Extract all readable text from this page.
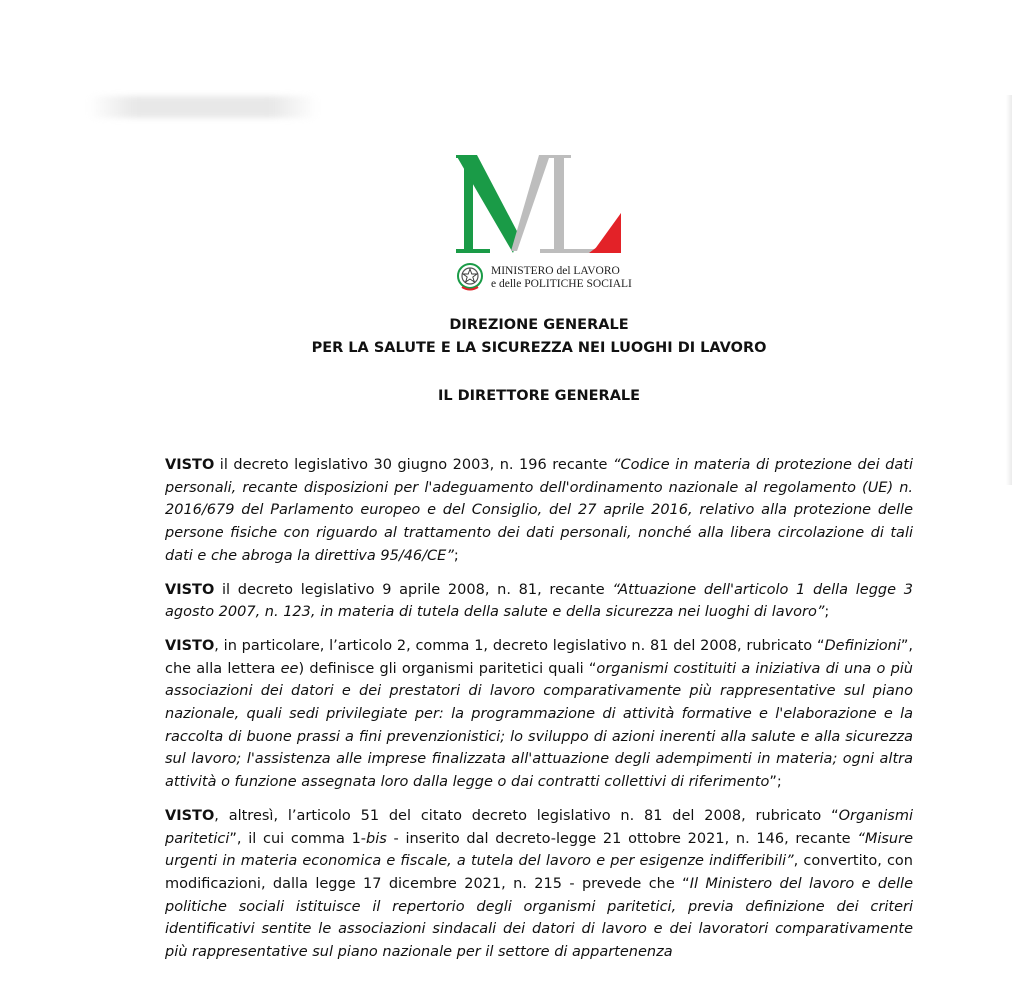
MINISTERO del LAVORO
e delle POLITICHE SOCIALI
DIREZIONE GENERALE
PER LA SALUTE E LA SICUREZZA NEI LUOGHI DI LAVORO
IL DIRETTORE GENERALE

VISTO il decreto legislativo 30 giugno 2003, n. 196 recante “Codice in materia di protezione dei dati personali, recante disposizioni per l'adeguamento dell'ordinamento nazionale al regolamento (UE) n. 2016/679 del Parlamento europeo e del Consiglio, del 27 aprile 2016, relativo alla protezione delle persone fisiche con riguardo al trattamento dei dati personali, nonché alla libera circolazione di tali dati e che abroga la direttiva 95/46/CE”;

VISTO il decreto legislativo 9 aprile 2008, n. 81, recante “Attuazione dell'articolo 1 della legge 3 agosto 2007, n. 123, in materia di tutela della salute e della sicurezza nei luoghi di lavoro”;

VISTO, in particolare, l’articolo 2, comma 1, decreto legislativo n. 81 del 2008, rubricato “Definizioni”, che alla lettera ee) definisce gli organismi paritetici quali “organismi costituiti a iniziativa di una o più associazioni dei datori e dei prestatori di lavoro comparativamente più rappresentative sul piano nazionale, quali sedi privilegiate per: la programmazione di attività formative e l'elaborazione e la raccolta di buone prassi a fini prevenzionistici; lo sviluppo di azioni inerenti alla salute e alla sicurezza sul lavoro; l'assistenza alle imprese finalizzata all'attuazione degli adempimenti in materia; ogni altra attività o funzione assegnata loro dalla legge o dai contratti collettivi di riferimento”;

VISTO, altresì, l’articolo 51 del citato decreto legislativo n. 81 del 2008, rubricato “Organismi paritetici”, il cui comma 1-bis - inserito dal decreto-legge 21 ottobre 2021, n. 146, recante “Misure urgenti in materia economica e fiscale, a tutela del lavoro e per esigenze indifferibili”, convertito, con modificazioni, dalla legge 17 dicembre 2021, n. 215 - prevede che “Il Ministero del lavoro e delle politiche sociali istituisce il repertorio degli organismi paritetici, previa definizione dei criteri identificativi sentite le associazioni sindacali dei datori di lavoro e dei lavoratori comparativamente più rappresentative sul piano nazionale per il settore di appartenenza
